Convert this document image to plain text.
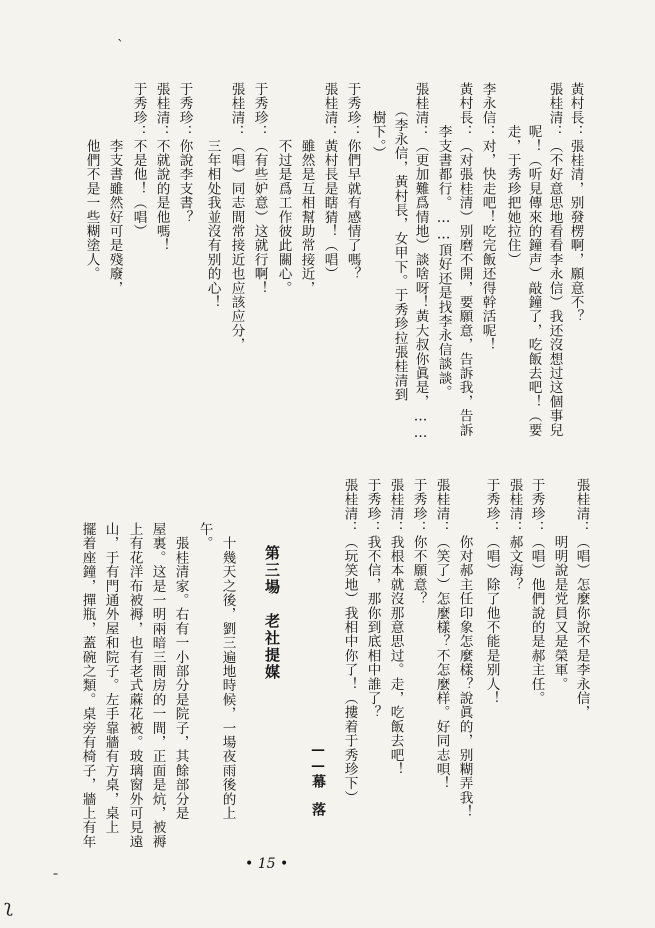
黃村長：張桂清，别發楞啊，願意不？
張桂清：（不好意思地看看李永信）我还沒想过这個事兒
　　　呢！（听見傳來的鐘声）敲鐘了，吃飯去吧！（要
　　　走，于秀珍把她拉住）
李永信：对，快走吧！吃完飯还得幹活呢！
黃村長：（对張桂清）别磨不開，要願意，告訴我，告訴
　　　李支書都行。……頂好还是找李永信談談。
張桂清：（更加難爲情地）談啥呀！黃大叔你眞是，……
　　（李永信，黃村長，女甲下。于秀珍拉張桂清到
　　樹下。）
于秀珍：你們早就有感情了嗎？
張桂清：黃村長是瞎猜！（唱）
　　　　雖然是互相幫助常接近，
　　　　不过是爲工作彼此關心。
于秀珍：（有些妒意）这就行啊！
張桂清：（唱）同志間常接近也应該应分，
　　　　三年相处我並沒有别的心！
于秀珍：你說李支書？
張桂清：不就說的是他嗎！
于秀珍：不是他！（唱）
　　　　李支書雖然好可是殘廢，
　　　　他們不是一些糊塗人。
張桂清：（唱）怎麼你說不是李永信，
　　　　明明說是党員又是榮軍。
于秀珍：（唱）他們說的是郝主任。
張桂清：郝文海？
于秀珍：（唱）除了他不能是别人！
　　　　你对郝主任印象怎麼樣？說眞的，别糊弄我！
張桂清：（笑了）怎麼樣？不怎麼样。好同志唄！
于秀珍：你不願意？
張桂清：我根本就沒那意思过。走，吃飯去吧！
于秀珍：我不信，那你到底相中誰了？
張桂清：（玩笑地）我相中你了！（摟着于秀珍下）
——幕　落
第三場　老社提媒
　十幾天之後，劉三遍地時候，一場夜雨後的上
午。
　張桂清家。右有一小部分是院子，其餘部分是
屋裏。这是一明兩暗三間房的一間，正面是炕，被褥
上有花洋布被褥，也有老式蔴花被。玻璃窗外可見遠
山，于有門通外屋和院子。左手靠牆有方桌，桌上
擺着座鐘，撣瓶，蓋碗之類。桌旁有椅子，牆上有年
• 15 •
ˋ
ˉ
ʅ
